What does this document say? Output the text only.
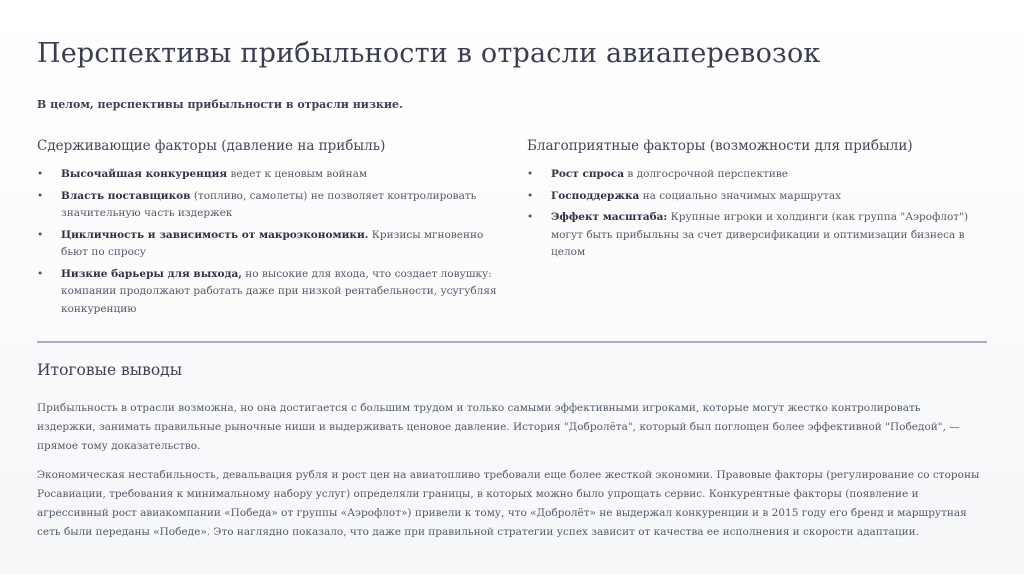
Перспективы прибыльности в отрасли авиаперевозок
В целом, перспективы прибыльности в отрасли низкие.
Сдерживающие факторы (давление на прибыль)	Благоприятные факторы (возможности для прибыли)
• Высочайшая конкуренция ведет к ценовым войнам
• Власть поставщиков (топливо, самолеты) не позволяет контролировать значительную часть издержек
• Цикличность и зависимость от макроэкономики. Кризисы мгновенно бьют по спросу
• Низкие барьеры для выхода, но высокие для входа, что создает ловушку: компании продолжают работать даже при низкой рентабельности, усугубляя конкуренцию
• Рост спроса в долгосрочной перспективе
• Господдержка на социально значимых маршрутах
• Эффект масштаба: Крупные игроки и холдинги (как группа "Аэрофлот") могут быть прибыльны за счет диверсификации и оптимизации бизнеса в целом
Итоговые выводы

Прибыльность в отрасли возможна, но она достигается с большим трудом и только самыми эффективными игроками, которые могут жестко контролировать издержки, занимать правильные рыночные ниши и выдерживать ценовое давление. История "Добролёта", который был поглощен более эффективной "Победой", — прямое тому доказательство.

Экономическая нестабильность, девальвация рубля и рост цен на авиатопливо требовали еще более жесткой экономии. Правовые факторы (регулирование со стороны Росавиации, требования к минимальному набору услуг) определяли границы, в которых можно было упрощать сервис. Конкурентные факторы (появление и агрессивный рост авиакомпании «Победа» от группы «Аэрофлот») привели к тому, что «Добролёт» не выдержал конкуренции и в 2015 году его бренд и маршрутная сеть были переданы «Победе». Это наглядно показало, что даже при правильной стратегии успех зависит от качества ее исполнения и скорости адаптации.
